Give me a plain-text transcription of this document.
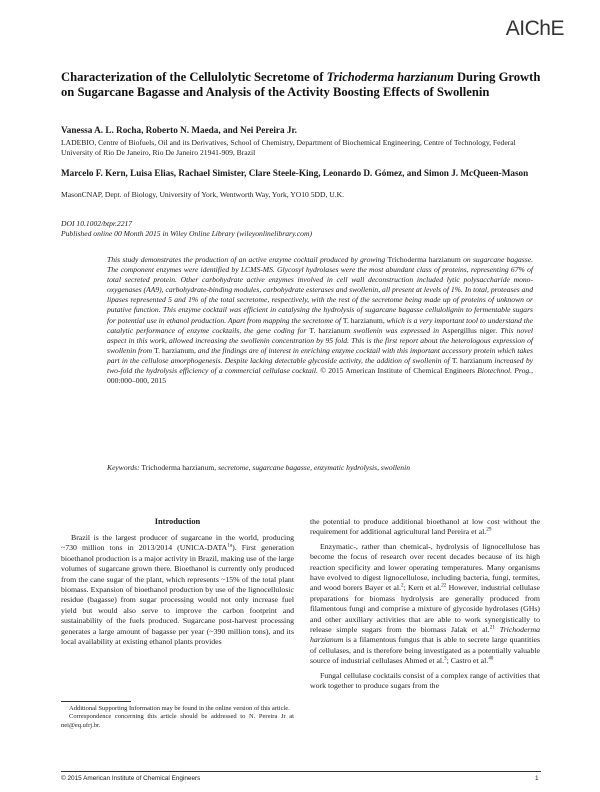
AIChE
Characterization of the Cellulolytic Secretome of Trichoderma harzianum During Growth on Sugarcane Bagasse and Analysis of the Activity Boosting Effects of Swollenin
Vanessa A. L. Rocha, Roberto N. Maeda, and Nei Pereira Jr.
LADEBIO, Centre of Biofuels, Oil and its Derivatives, School of Chemistry, Department of Biochemical Engineering, Centre of Technology, Federal University of Rio De Janeiro, Rio De Janeiro 21941-909, Brazil
Marcelo F. Kern, Luisa Elias, Rachael Simister, Clare Steele-King, Leonardo D. Gómez, and Simon J. McQueen-Mason
MasonCNAP, Dept. of Biology, University of York, Wentworth Way, York, YO10 5DD, U.K.
DOI 10.1002/btpr.2217
Published online 00 Month 2015 in Wiley Online Library (wileyonlinelibrary.com)
This study demonstrates the production of an active enzyme cocktail produced by growing Trichoderma harzianum on sugarcane bagasse. The component enzymes were identified by LCMS-MS. Glycosyl hydrolases were the most abundant class of proteins, representing 67% of total secreted protein. Other carbohydrate active enzymes involved in cell wall deconstruction included lytic polysaccharide mono-oxygenases (AA9), carbohydrate-binding modules, carbohydrate esterases and swollenin, all present at levels of 1%. In total, proteases and lipases represented 5 and 1% of the total secretome, respectively, with the rest of the secretome being made up of proteins of unknown or putative function. This enzyme cocktail was efficient in catalysing the hydrolysis of sugarcane bagasse cellulolignin to fermentable sugars for potential use in ethanol production. Apart from mapping the secretome of T. harzianum, which is a very important tool to understand the catalytic performance of enzyme cocktails, the gene coding for T. harzianum swollenin was expressed in Aspergillus niger. This novel aspect in this work, allowed increasing the swollenin concentration by 95 fold. This is the first report about the heterologous expression of swollenin from T. harzianum, and the findings are of interest in enriching enzyme cocktail with this important accessory protein which takes part in the cellulose amorphogenesis. Despite lacking detectable glycoside activity, the addition of swollenin of T. harzianum increased by two-fold the hydrolysis efficiency of a commercial cellulase cocktail. © 2015 American Institute of Chemical Engineers Biotechnol. Prog., 000:000–000, 2015
Keywords: Trichoderma harzianum, secretome, sugarcane bagasse, enzymatic hydrolysis, swollenin
Introduction

Brazil is the largest producer of sugarcane in the world, producing ~730 million tons in 2013/2014 $(UNICA-DATA^{1a})$. First generation bioethanol production is a major activity in Brazil, making use of the large volumes of sugarcane grown there. Bioethanol is currently only produced from the cane sugar of the plant, which represents ~15% of the total plant biomass. Expansion of bioethanol production by use of the lignocellulosic residue (bagasse) from sugar processing would not only increase fuel yield but would also serve to improve the carbon footprint and sustainability of the fuels produced. Sugarcane post-harvest processing generates a large amount of bagasse per year (~390 million tons), and its local availability at existing ethanol plants provides

Additional Supporting Information may be found in the online version of this article.
Correspondence concerning this article should be addressed to N. Pereira Jr at nei@eq.ufrj.br.

the potential to produce additional bioethanol at low cost without the requirement for additional agricultural land Pereira et al.$^{29}$

Enzymatic-, rather than chemical-, hydrolysis of lignocellulose has become the focus of research over recent decades because of its high reaction specificity and lower operating temperatures. Many organisms have evolved to digest lignocellulose, including bacteria, fungi, termites, and wood borers Bayer et al.$^2$; Kern et al.$^{22}$ However, industrial cellulase preparations for biomass hydrolysis are generally produced from filamentous fungi and comprise a mixture of glycoside hydrolases (GHs) and other auxillary activities that are able to work synergistically to release simple sugars from the biomass Jalak et al.$^{21}$ Trichoderma harzianum is a filamentous fungus that is able to secrete large quantities of cellulases, and is therefore being investigated as a potentially valuable source of industrial cellulases Ahmed et al.$^3$; Castro et al.$^{40}$

Fungal cellulase cocktails consist of a complex range of activities that work together to produce sugars from the

© 2015 American Institute of Chemical Engineers	1
